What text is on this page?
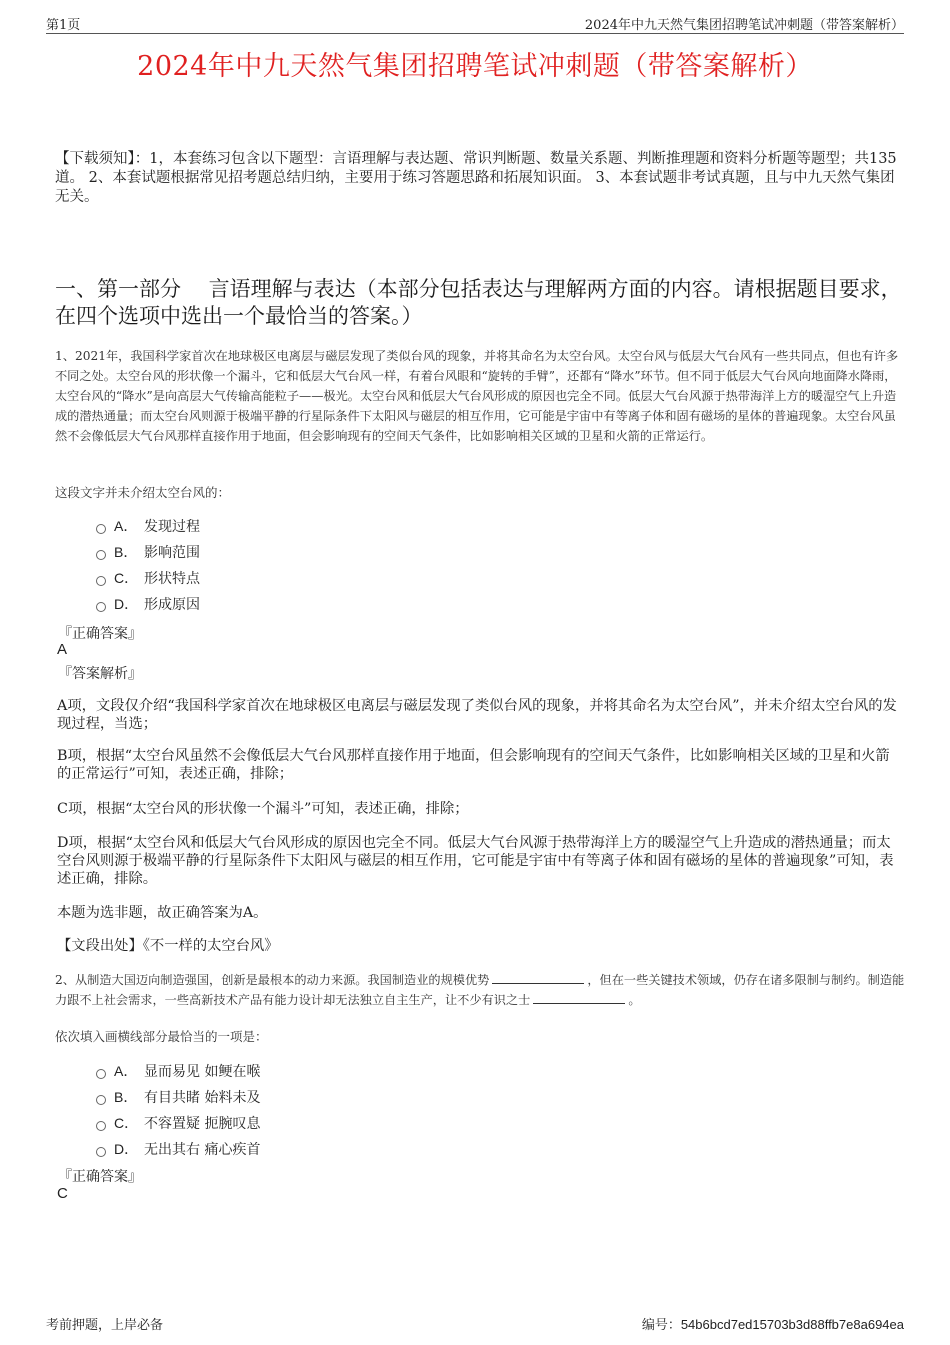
第1页	2024年中九天然气集团招聘笔试冲刺题（带答案解析）
2024年中九天然气集团招聘笔试冲刺题（带答案解析）
【下载须知】：1，本套练习包含以下题型：言语理解与表达题、常识判断题、数量关系题、判断推理题和资料分析题等题型；共135道。 2、本套试题根据常见招考题总结归纳，主要用于练习答题思路和拓展知识面。 3、本套试题非考试真题，且与中九天然气集团无关。
一、第一部分　 言语理解与表达（本部分包括表达与理解两方面的内容。请根据题目要求，在四个选项中选出一个最恰当的答案。）
1、2021年，我国科学家首次在地球极区电离层与磁层发现了类似台风的现象，并将其命名为太空台风。太空台风与低层大气台风有一些共同点，但也有许多不同之处。太空台风的形状像一个漏斗，它和低层大气台风一样，有着台风眼和“旋转的手臂”，还都有“降水”环节。但不同于低层大气台风向地面降水降雨，太空台风的“降水”是向高层大气传输高能粒子——极光。太空台风和低层大气台风形成的原因也完全不同。低层大气台风源于热带海洋上方的暖湿空气上升造成的潜热通量；而太空台风则源于极端平静的行星际条件下太阳风与磁层的相互作用，它可能是宇宙中有等离子体和固有磁场的星体的普遍现象。太空台风虽然不会像低层大气台风那样直接作用于地面，但会影响现有的空间天气条件，比如影响相关区域的卫星和火箭的正常运行。
这段文字并未介绍太空台风的：
A． 发现过程
B． 影响范围
C． 形状特点
D． 形成原因
『正确答案』
A
『答案解析』
A项，文段仅介绍“我国科学家首次在地球极区电离层与磁层发现了类似台风的现象，并将其命名为太空台风”，并未介绍太空台风的发现过程，当选；
B项，根据“太空台风虽然不会像低层大气台风那样直接作用于地面，但会影响现有的空间天气条件，比如影响相关区域的卫星和火箭的正常运行”可知，表述正确，排除；
C项，根据“太空台风的形状像一个漏斗”可知，表述正确，排除；
D项，根据“太空台风和低层大气台风形成的原因也完全不同。低层大气台风源于热带海洋上方的暖湿空气上升造成的潜热通量；而太空台风则源于极端平静的行星际条件下太阳风与磁层的相互作用，它可能是宇宙中有等离子体和固有磁场的星体的普遍现象”可知，表述正确，排除。
本题为选非题，故正确答案为A。
【文段出处】《不一样的太空台风》
2、从制造大国迈向制造强国，创新是最根本的动力来源。我国制造业的规模优势	，但在一些关键技术领域，仍存在诸多限制与制约。制造能力跟不上社会需求，一些高新技术产品有能力设计却无法独立自主生产，让不少有识之士	。
依次填入画横线部分最恰当的一项是：
A． 显而易见 如鲠在喉
B． 有目共睹 始料未及
C． 不容置疑 扼腕叹息
D． 无出其右 痛心疾首
『正确答案』
C
考前押题，上岸必备	编号：54b6bcd7ed15703b3d88ffb7e8a694ea
